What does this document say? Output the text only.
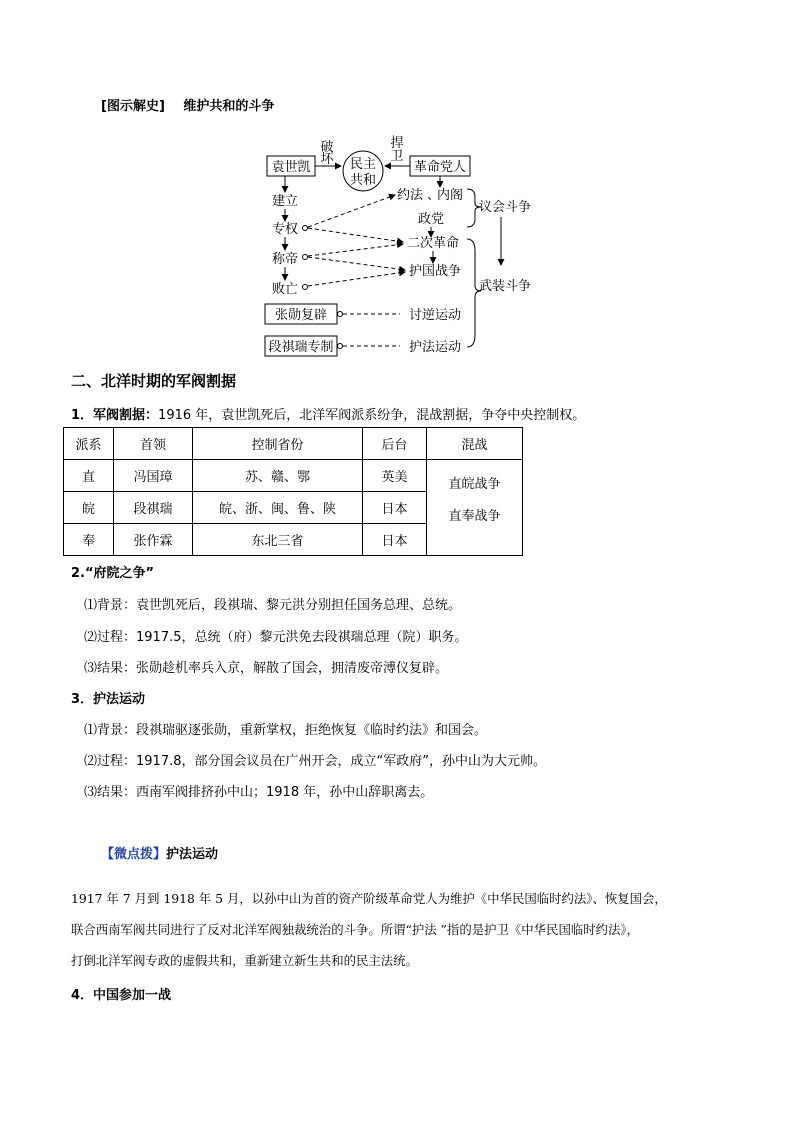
[图示解史] 维护共和的斗争
袁世凯	民主
共和
革命党人
破
坏
捍
卫
建立
专权
称帝
败亡
约法 、
内阁
政党
二次革命
护国战争
议会斗争
武装斗争
张勋复辟	讨逆运动
段祺瑞专制	护法运动
二、北洋时期的军阀割据
1．军阀割据：1916 年，袁世凯死后，北洋军阀派系纷争，混战割据，争夺中央控制权。
派系	首领	控制省份	后台	混战
直	冯国璋	苏、赣、鄂	英美	直皖战争
直奉战争

皖	段祺瑞	皖、浙、闽、鲁、陕	日本	
奉	张作霖	东北三省	日本	
2.“府院之争”
⑴背景：袁世凯死后，段祺瑞、黎元洪分别担任国务总理、总统。
⑵过程：1917.5，总统（府）黎元洪免去段祺瑞总理（院）职务。
⑶结果：张勋趁机率兵入京，解散了国会，拥清废帝溥仪复辟。
3．护法运动
⑴背景：段祺瑞驱逐张勋，重新掌权，拒绝恢复《临时约法》和国会。
⑵过程：1917.8，部分国会议员在广州开会，成立“军政府”，孙中山为大元帅。
⑶结果：西南军阀排挤孙中山；1918 年，孙中山辞职离去。
【微点拨】护法运动
1917 年 7 月到 1918 年 5 月，以孙中山为首的资产阶级革命党人为维护《中华民国临时约法》、恢复国会，
联合西南军阀共同进行了反对北洋军阀独裁统治的斗争。所谓“护法 ”指的是护卫《中华民国临时约法》，
打倒北洋军阀专政的虚假共和，重新建立新生共和的民主法统。
4．中国参加一战
